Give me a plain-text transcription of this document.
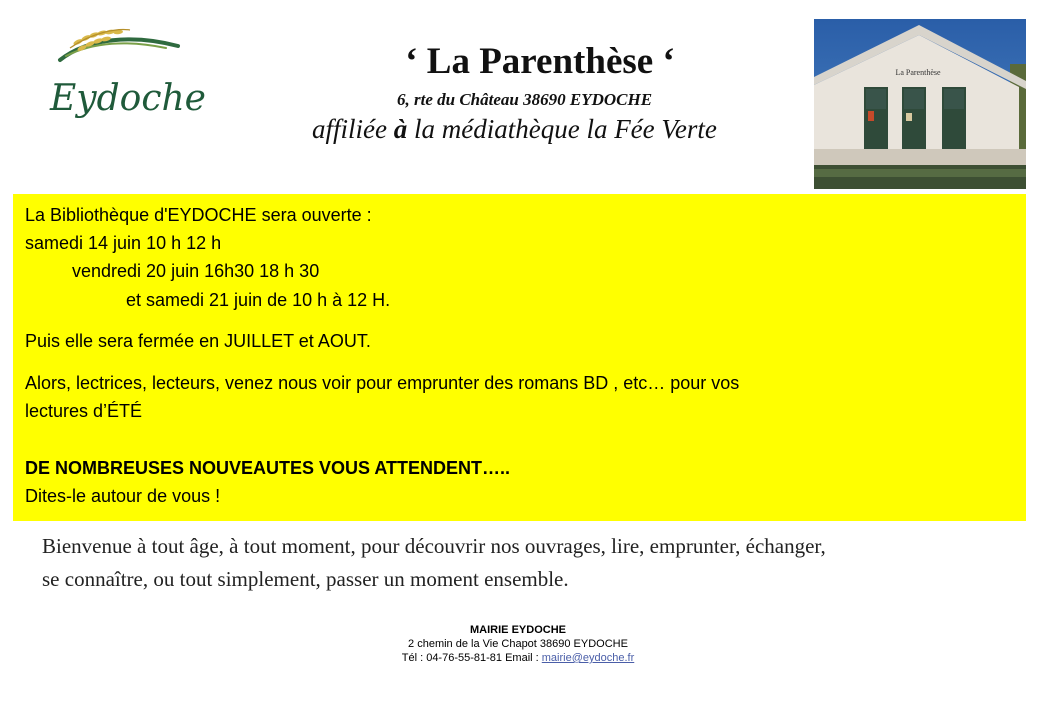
Eydoche
‘ La Parenthèse ‘
6, rte du Château 38690 EYDOCHE
affiliée à la médiathèque la Fée Verte
La Parenthèse
La Bibliothèque d'EYDOCHE sera ouverte :
samedi 14 juin 10 h 12 h
vendredi 20 juin 16h30 18 h 30
et samedi 21 juin de 10 h à 12 H.
Puis elle sera fermée en JUILLET et AOUT.
Alors, lectrices, lecteurs, venez nous voir pour emprunter des romans BD , etc… pour vos
lectures d’ÉTÉ
DE NOMBREUSES NOUVEAUTES VOUS ATTENDENT…..
Dites-le autour de vous !
Bienvenue à tout âge, à tout moment, pour découvrir nos ouvrages, lire, emprunter, échanger,
se connaître, ou tout simplement, passer un moment ensemble.
MAIRIE EYDOCHE
2 chemin de la Vie Chapot 38690 EYDOCHE
Tél : 04-76-55-81-81 Email : mairie@eydoche.fr
